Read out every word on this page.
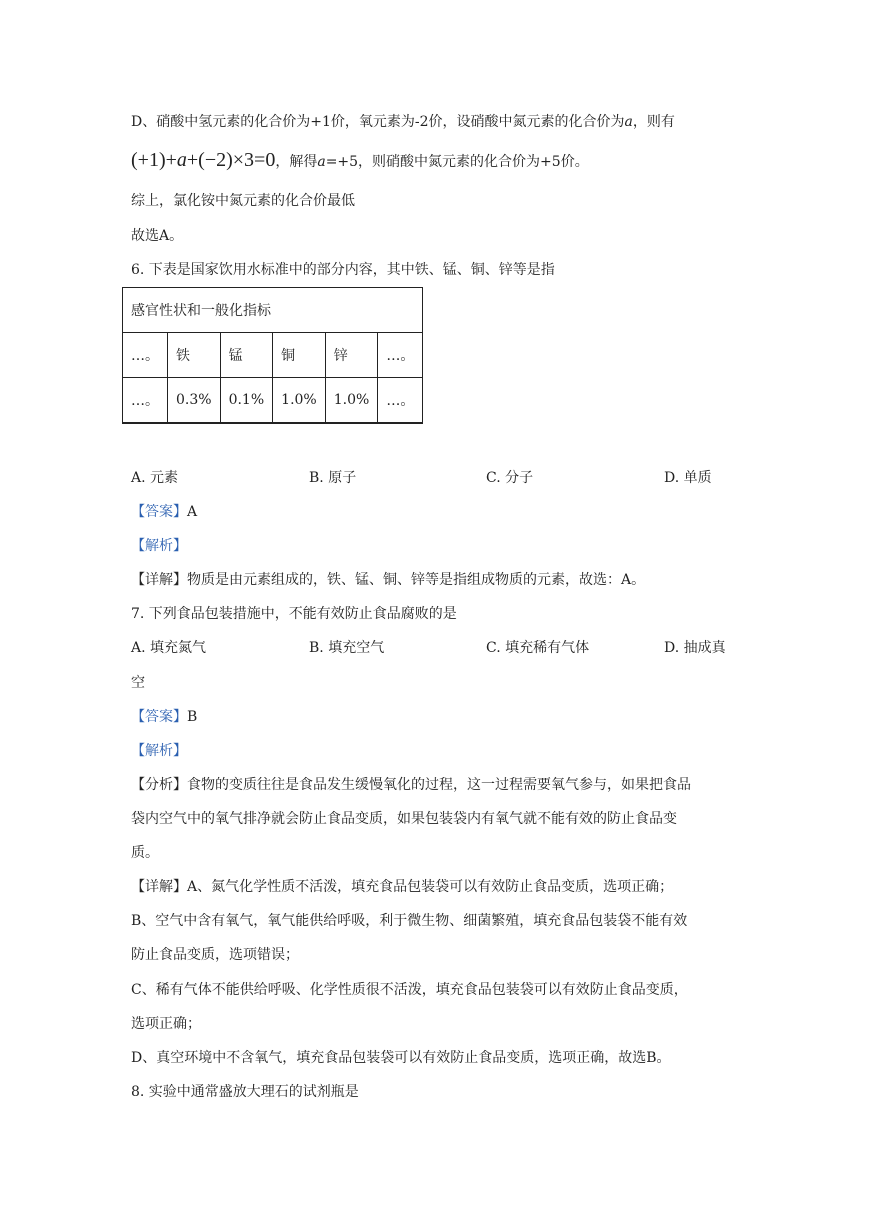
D、硝酸中氢元素的化合价为+1价，氧元素为-2价，设硝酸中氮元素的化合价为a，则有
(+1)+a+(−2)×3=0，解得a=+5，则硝酸中氮元素的化合价为+5价。
综上，氯化铵中氮元素的化合价最低
故选A。
6. 下表是国家饮用水标准中的部分内容，其中铁、锰、铜、锌等是指
感官性状和一般化指标					
…。	铁	锰	铜	锌	…。
…。	0.3%	0.1%	1.0%	1.0%	…。
A. 元素	B. 原子	C. 分子	D. 单质
【答案】A
【解析】
【详解】物质是由元素组成的，铁、锰、铜、锌等是指组成物质的元素，故选：A。
7. 下列食品包装措施中，不能有效防止食品腐败的是
A. 填充氮气	B. 填充空气	C. 填充稀有气体	D. 抽成真
空
【答案】B
【解析】
【分析】食物的变质往往是食品发生缓慢氧化的过程，这一过程需要氧气参与，如果把食品
袋内空气中的氧气排净就会防止食品变质，如果包装袋内有氧气就不能有效的防止食品变
质。
【详解】A、氮气化学性质不活泼，填充食品包装袋可以有效防止食品变质，选项正确；
B、空气中含有氧气，氧气能供给呼吸，利于微生物、细菌繁殖，填充食品包装袋不能有效
防止食品变质，选项错误；
C、稀有气体不能供给呼吸、化学性质很不活泼，填充食品包装袋可以有效防止食品变质，
选项正确；
D、真空环境中不含氧气，填充食品包装袋可以有效防止食品变质，选项正确，故选B。
8. 实验中通常盛放大理石的试剂瓶是
